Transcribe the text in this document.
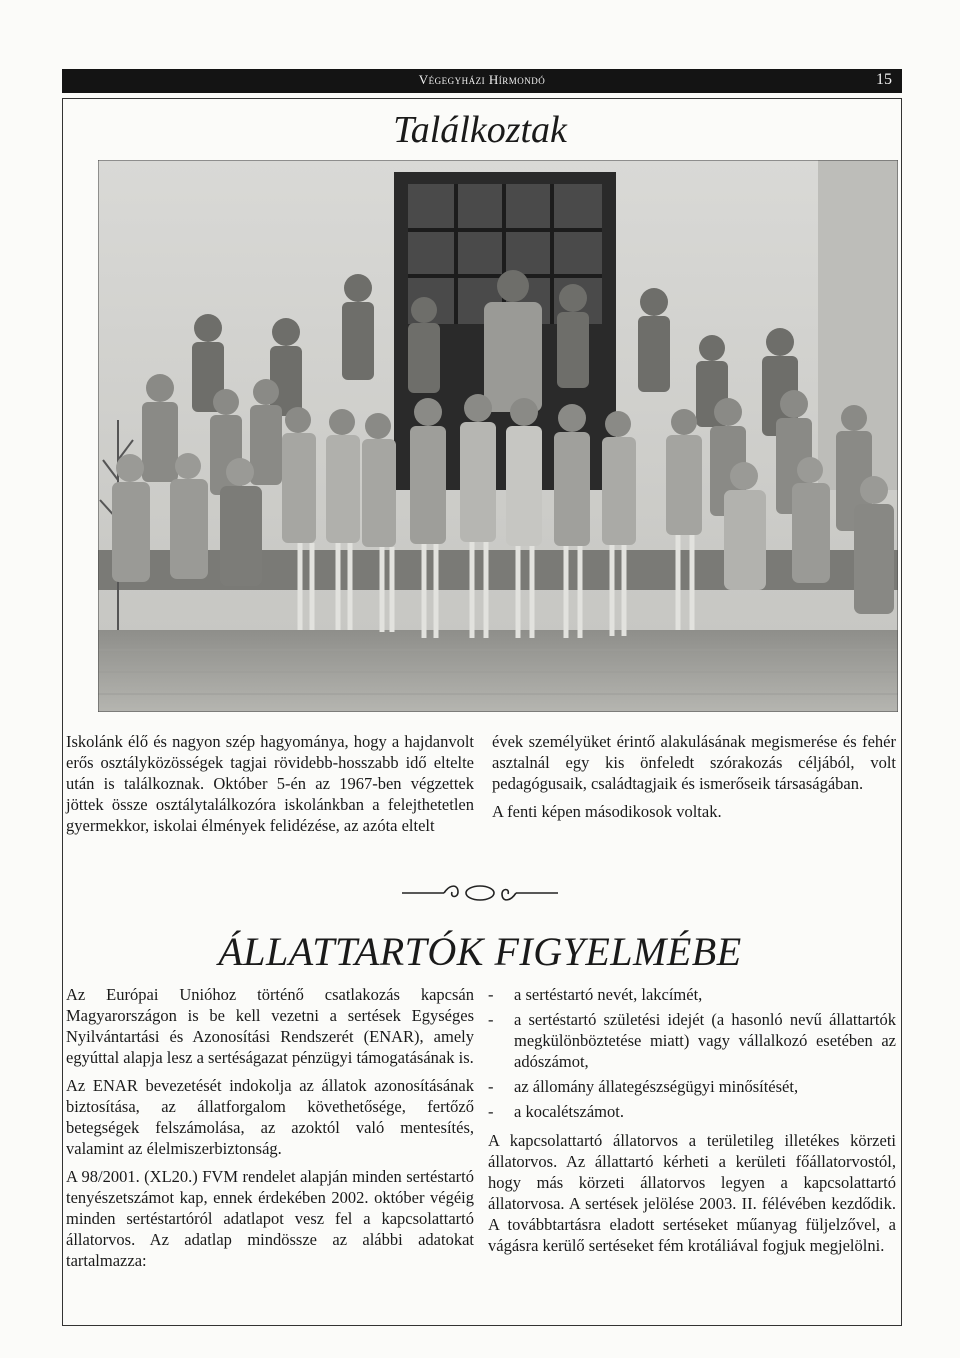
Végegyházi Hírmondó	15
Találkoztak

Iskolánk élő és nagyon szép hagyománya, hogy a hajdanvolt erős osztályközösségek tagjai rövidebb-hosszabb idő eltelte után is találkoznak. Október 5-én az 1967-ben végzettek jöttek össze osztálytalálkozóra iskolánkban a felejthetetlen gyermekkor, iskolai élmények felidézése, az azóta eltelt

évek személyüket érintő alakulásának megismerése és fehér asztalnál egy kis önfeledt szórakozás céljából, volt pedagógusaik, családtagjaik és ismerőseik társaságában.

A fenti képen másodikosok voltak.

ÁLLATTARTÓK FIGYELMÉBE

Az Európai Unióhoz történő csatlakozás kapcsán Magyarországon is be kell vezetni a sertések Egységes Nyilvántartási és Azonosítási Rendszerét (ENAR), amely egyúttal alapja lesz a sertéságazat pénzügyi támogatásának is.

Az ENAR bevezetését indokolja az állatok azonosításának biztosítása, az állatforgalom követhetősége, fertőző betegségek felszámolása, az azoktól való mentesítés, valamint az élelmiszerbiztonság.

A 98/2001. (XL20.) FVM rendelet alapján minden sertéstartó tenyészetszámot kap, ennek érdekében 2002. október végéig minden sertéstartóról adatlapot vesz fel a kapcsolattartó állatorvos. Az adatlap mindössze az alábbi adatokat tartalmazza:

- a sertéstartó nevét, lakcímét,
- a sertéstartó születési idejét (a hasonló nevű állattartók megkülönböztetése miatt) vagy vállalkozó esetében az adószámot,
- az állomány állategészségügyi minősítését,
- a kocalétszámot.

A kapcsolattartó állatorvos a területileg illetékes körzeti állatorvos. Az állattartó kérheti a kerületi főállatorvostól, hogy más körzeti állatorvos legyen a kapcsolattartó állatorvosa. A sertések jelölése 2003. II. félévében kezdődik. A továbbtartásra eladott sertéseket műanyag füljelzővel, a vágásra kerülő sertéseket fém krotáliával fogjuk megjelölni.
